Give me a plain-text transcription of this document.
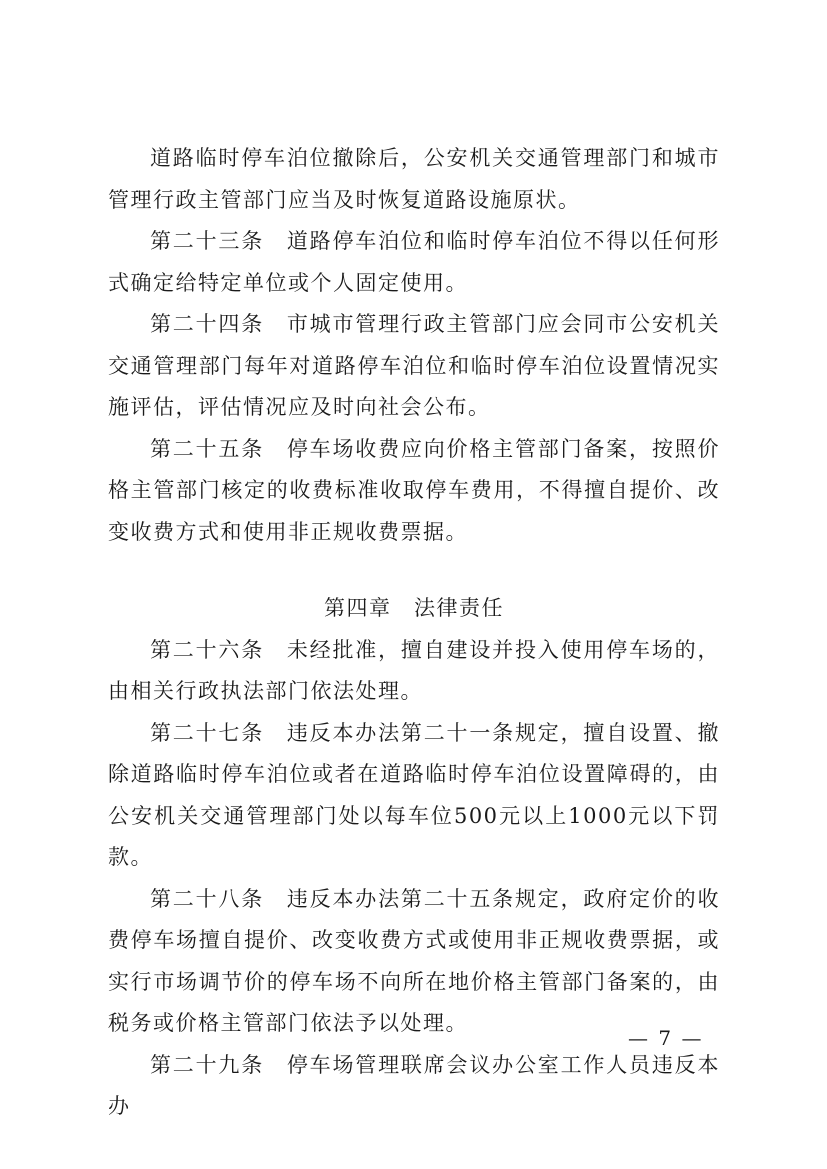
道路临时停车泊位撤除后，公安机关交通管理部门和城市管理行政主管部门应当及时恢复道路设施原状。

第二十三条　道路停车泊位和临时停车泊位不得以任何形式确定给特定单位或个人固定使用。

第二十四条　市城市管理行政主管部门应会同市公安机关交通管理部门每年对道路停车泊位和临时停车泊位设置情况实施评估，评估情况应及时向社会公布。

第二十五条　停车场收费应向价格主管部门备案，按照价格主管部门核定的收费标准收取停车费用，不得擅自提价、改变收费方式和使用非正规收费票据。

第四章　法律责任

第二十六条　未经批准，擅自建设并投入使用停车场的，由相关行政执法部门依法处理。

第二十七条　违反本办法第二十一条规定，擅自设置、撤除道路临时停车泊位或者在道路临时停车泊位设置障碍的，由公安机关交通管理部门处以每车位500元以上1000元以下罚款。

第二十八条　违反本办法第二十五条规定，政府定价的收费停车场擅自提价、改变收费方式或使用非正规收费票据，或实行市场调节价的停车场不向所在地价格主管部门备案的，由税务或价格主管部门依法予以处理。

第二十九条　停车场管理联席会议办公室工作人员违反本办

— 7 —
